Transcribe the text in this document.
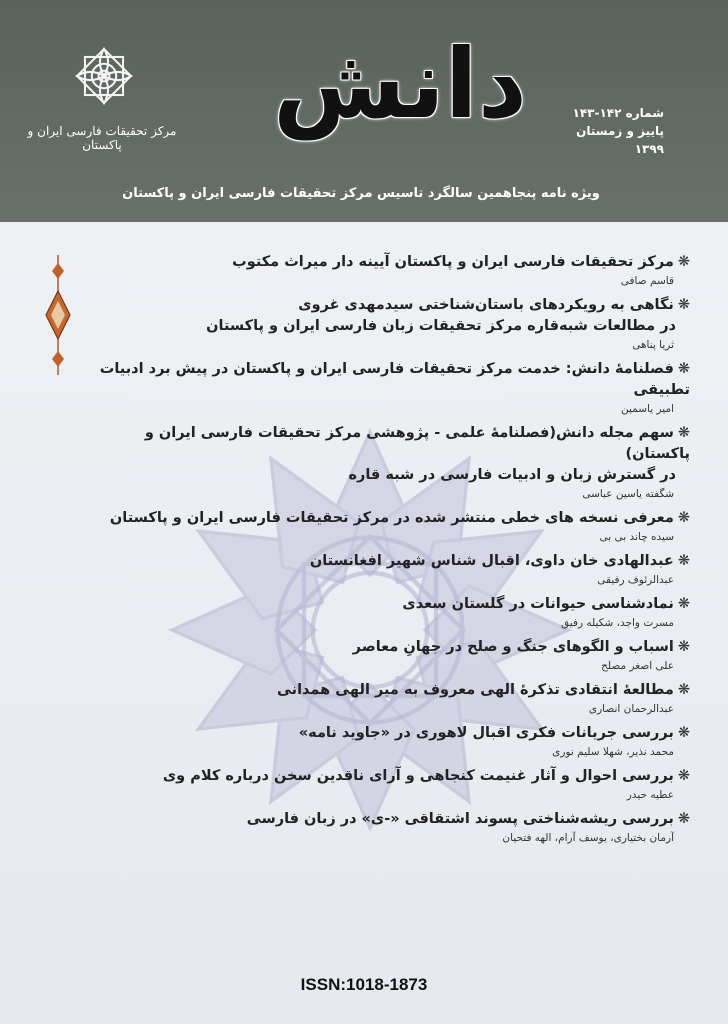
مرکز تحقیقات فارسی ایران و پاکستان
دانش	شماره ۱۴۲-۱۴۳
پاییز و زمستان
۱۳۹۹
ویژه نامه پنجاهمین سالگرد تاسیس مرکز تحقیقات فارسی ایران و پاکستان
❋مرکز تحقیقات فارسی ایران و پاکستان آیینه دار میراث مکتوب
قاسم صافی
❋نگاهی به رویکردهای باستان‌شناختی سیدمهدی غروی
در مطالعات شبه‌قاره مرکز تحقیقات زبان فارسی ایران و پاکستان
ثریا پناهی
❋فصلنامهٔ دانش: خدمت مرکز تحقیقات فارسی ایران و پاکستان در پیش برد ادبیات تطبیقی
امیر یاسمین
❋سهم مجله دانش(فصلنامهٔ علمی - پژوهشی مرکز تحقیقات فارسی ایران و پاکستان)
در گسترش زبان و ادبیات فارسی در شبه قاره
شگفته یاسین عباسی
❋معرفی نسخه های خطی منتشر شده در مرکز تحقیقات فارسی ایران و پاکستان
سیده چاند بی بی
❋عبدالهادی خان داوی، اقبال شناس شهیر افغانستان
عبدالرئوف رفیقی
❋نمادشناسی حیوانات در گلستان سعدی
مسرت واجد، شکیله رفیق
❋اسباب و الگوهای جنگ و صلح در جهانِ معاصر
علی اصغر مصلح
❋مطالعهٔ انتقادی تذکرهٔ الهی معروف به میر الهی همدانی
عبدالرحمان انصاری
❋بررسی جریانات فکری اقبال لاهوری در «جاوید نامه»
محمد نذیر، شهلا سلیم نوری
❋بررسی احوال و آثار غنیمت کنجاهی و آرای ناقدین سخن درباره کلام وی
عطیه حیدر
❋بررسی ریشه‌شناختی پسوند اشتقاقی «-ی» در زبان فارسی
آرمان بختیاری، یوسف آرام، الهه فتحیان
ISSN:1018-1873
